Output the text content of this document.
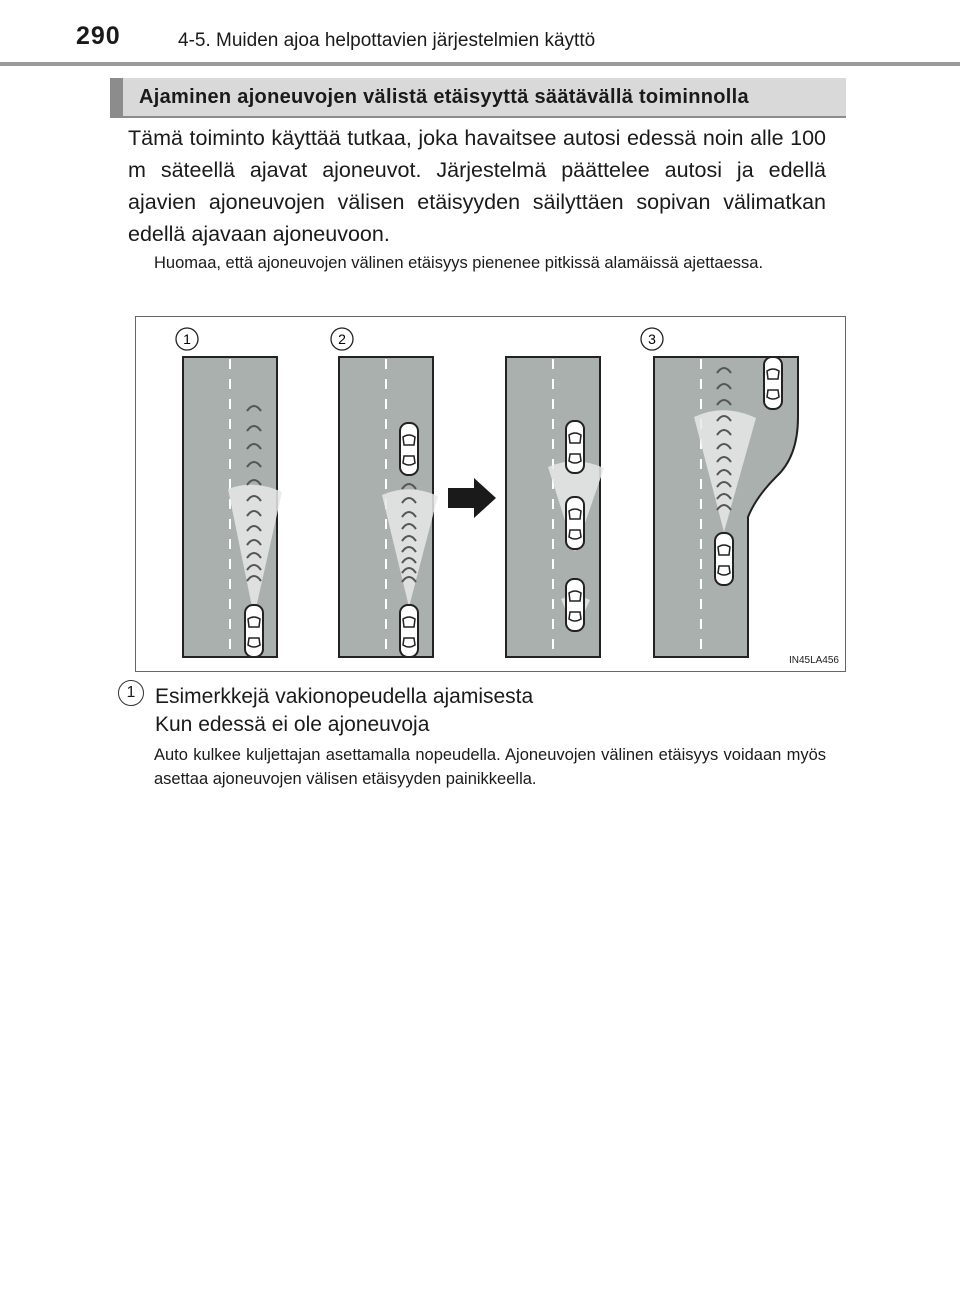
290	4-5. Muiden ajoa helpottavien järjestelmien käyttö
Ajaminen ajoneuvojen välistä etäisyyttä säätävällä toiminnolla
Tämä toiminto käyttää tutkaa, joka havaitsee autosi edessä noin alle 100 m säteellä ajavat ajoneuvot. Järjestelmä päättelee autosi ja edellä ajavien ajoneuvojen välisen etäisyyden säilyttäen sopivan välimatkan edellä ajavaan ajoneuvoon.
Huomaa, että ajoneuvojen välinen etäisyys pienenee pitkissä alamäissä ajettaessa.
1	2	3
IN45LA456
1 Esimerkkejä vakionopeudella ajamisesta
Kun edessä ei ole ajoneuvoja
Auto kulkee kuljettajan asettamalla nopeudella. Ajoneuvojen välinen etäisyys voidaan myös asettaa ajoneuvojen välisen etäisyyden painikkeella.
